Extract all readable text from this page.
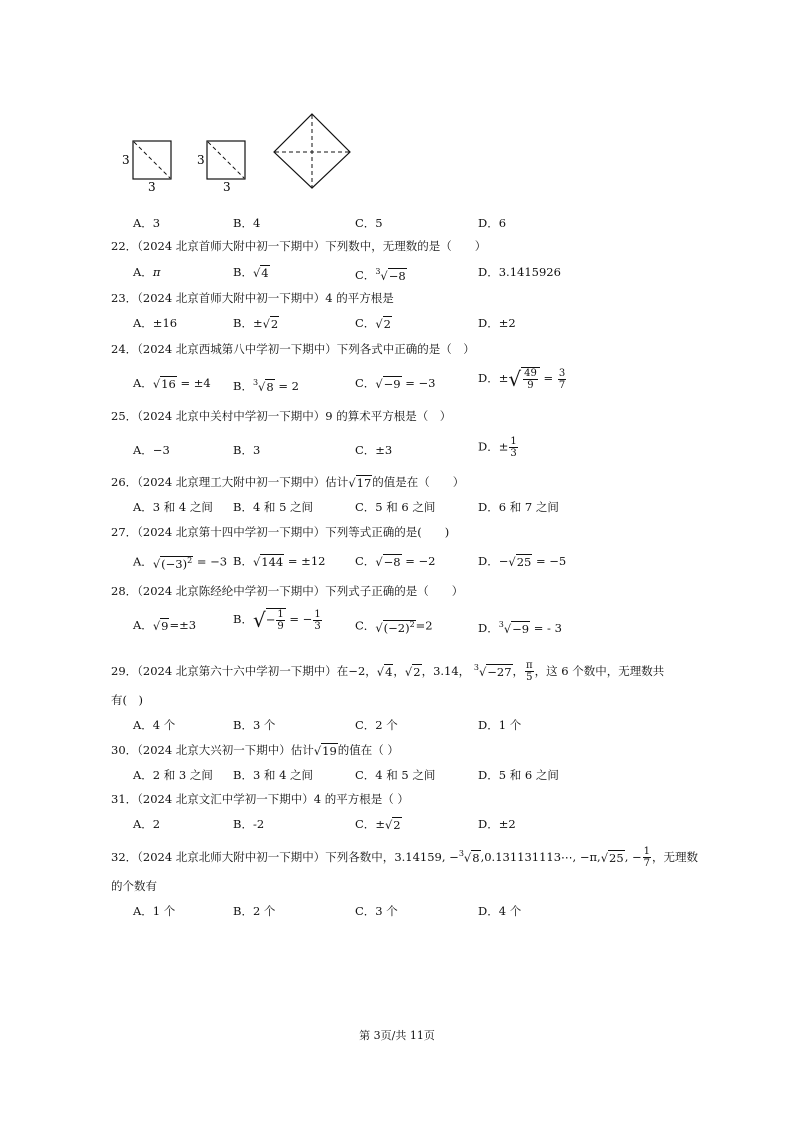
3
3
3
3
A．3	B．4	C．5	D．6
22．（2024 北京首师大附中初一下期中）下列数中，无理数的是（　　）
A．π	B．√4	C．$^3$√−8	D．3.1415926
23．（2024 北京首师大附中初一下期中）4 的平方根是
A．±16	B．±√2	C．√2	D．±2
24．（2024 北京西城第八中学初一下期中）下列各式中正确的是（　）
A．√16 = ±4 B．$^3$√8 = 2	C．√−9 = −3	D．±√ $\frac{49}{9} = \frac{3}{7}$
25．（2024 北京中关村中学初一下期中）9 的算术平方根是（　）
A．−3	B．3	C．±3	D．± $\frac{1}{3}$
26．（2024 北京理工大附中初一下期中）估计√17的值是在（　　）
A．3 和 4 之间 B．4 和 5 之间	C．5 和 6 之间	D．6 和 7 之间
27．（2024 北京第十四中学初一下期中）下列等式正确的是(　　)
A．$√(-3)^2 = -3$ B．√144 = ±12	C．√−8 = −2	D．−√25 = −5
28．（2024 北京陈经纶中学初一下期中）下列式子正确的是（　　）
A．√9=±3	B．√− $\frac{1}{9}$ = − $\frac{1}{3}$	C．$√(-2)^2=2$	D．$^3$√−9 = - 3
29．（2024 北京第六十六中学初一下期中）在−2，√4，√2，3.14， $^3$√−27， $\frac{\pi}{5}$ ，这 6 个数中，无理数共
有(　)
A．4 个	B．3 个	C．2 个	D．1 个
30．（2024 北京大兴初一下期中）估计√19的值在（ ）
A．2 和 3 之间 B．3 和 4 之间	C．4 和 5 之间	D．5 和 6 之间
31．（2024 北京文汇中学初一下期中）4 的平方根是（ ）
A．2	B．-2	C．±√2	D．±2
32．（2024 北京北师大附中初一下期中）下列各数中，3.14159, −$^3$√8,0.131131113⋯, −π,√25, − $\frac{1}{7}$ ，无理数
的个数有
A．1 个	B．2 个	C．3 个	D．4 个
第 3页/共 11页
